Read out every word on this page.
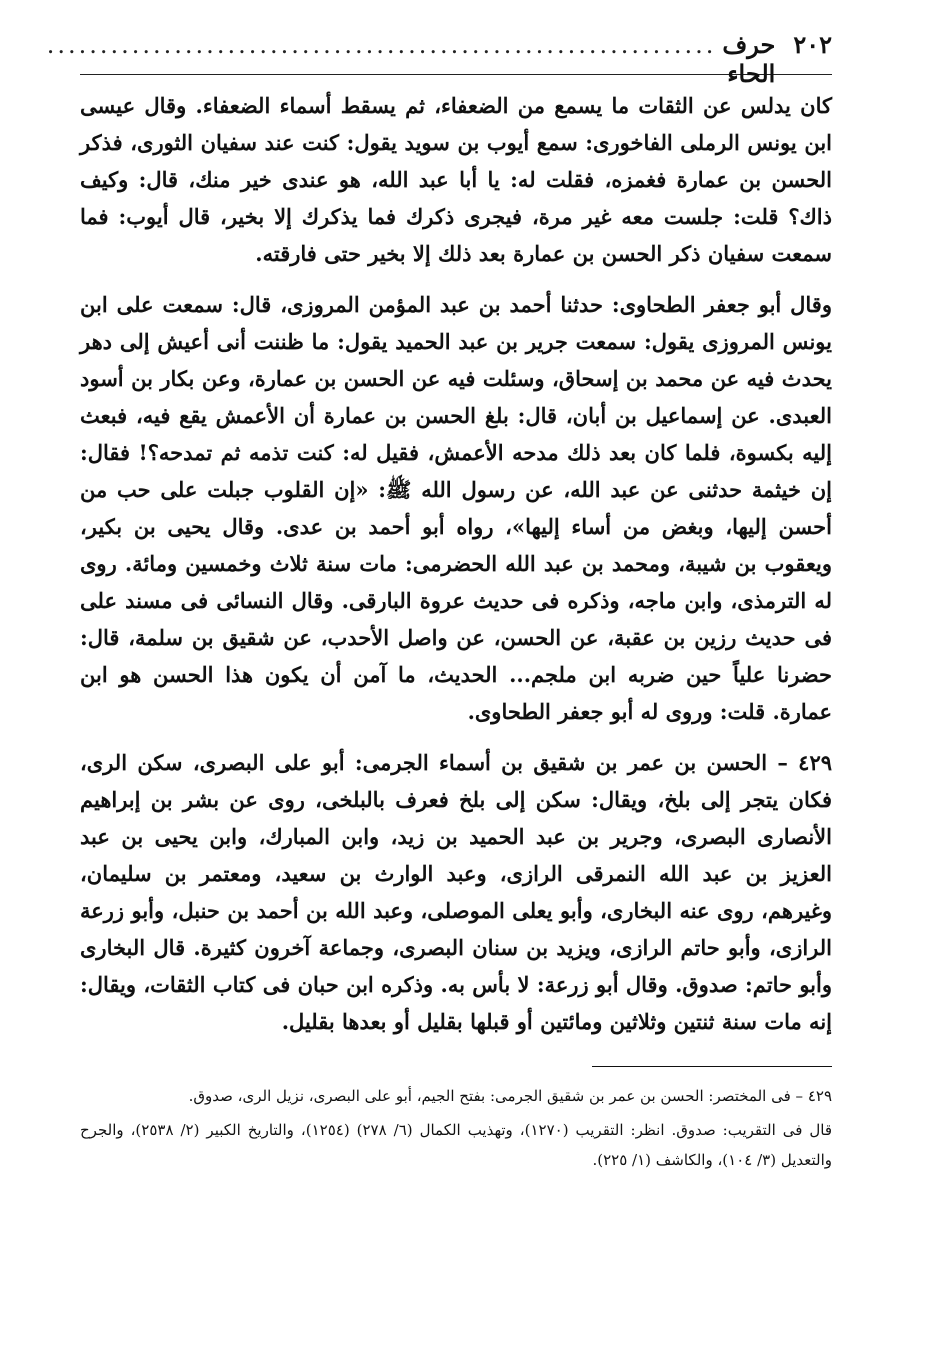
٢٠٢
حرف الحاء
...............................................................

كان يدلس عن الثقات ما يسمع من الضعفاء، ثم يسقط أسماء الضعفاء. وقال عيسى ابن يونس الرملى الفاخورى: سمع أيوب بن سويد يقول: كنت عند سفيان الثورى، فذكر الحسن بن عمارة فغمزه، فقلت له: يا أبا عبد الله، هو عندى خير منك، قال: وكيف ذاك؟ قلت: جلست معه غير مرة، فيجرى ذكرك فما يذكرك إلا بخير، قال أيوب: فما سمعت سفيان ذكر الحسن بن عمارة بعد ذلك إلا بخير حتى فارقته.

وقال أبو جعفر الطحاوى: حدثنا أحمد بن عبد المؤمن المروزى، قال: سمعت على ابن يونس المروزى يقول: سمعت جرير بن عبد الحميد يقول: ما ظننت أنى أعيش إلى دهر يحدث فيه عن محمد بن إسحاق، وسئلت فيه عن الحسن بن عمارة، وعن بكار بن أسود العبدى. عن إسماعيل بن أبان، قال: بلغ الحسن بن عمارة أن الأعمش يقع فيه، فبعث إليه بكسوة، فلما كان بعد ذلك مدحه الأعمش، فقيل له: كنت تذمه ثم تمدحه؟! فقال: إن خيثمة حدثنى عن عبد الله، عن رسول الله ﷺ: «إن القلوب جبلت على حب من أحسن إليها، وبغض من أساء إليها»، رواه أبو أحمد بن عدى. وقال يحيى بن بكير، ويعقوب بن شيبة، ومحمد بن عبد الله الحضرمى: مات سنة ثلاث وخمسين ومائة. روى له الترمذى، وابن ماجه، وذكره فى حديث عروة البارقى. وقال النسائى فى مسند على فى حديث رزين بن عقبة، عن الحسن، عن واصل الأحدب، عن شقيق بن سلمة، قال: حضرنا علياً حين ضربه ابن ملجم... الحديث، ما آمن أن يكون هذا الحسن هو ابن عمارة. قلت: وروى له أبو جعفر الطحاوى.

٤٢٩ – الحسن بن عمر بن شقيق بن أسماء الجرمى: أبو على البصرى، سكن الرى، فكان يتجر إلى بلخ، ويقال: سكن إلى بلخ فعرف بالبلخى، روى عن بشر بن إبراهيم الأنصارى البصرى، وجرير بن عبد الحميد بن زيد، وابن المبارك، وابن يحيى بن عبد العزيز بن عبد الله النمرقى الرازى، وعبد الوارث بن سعيد، ومعتمر بن سليمان، وغيرهم، روى عنه البخارى، وأبو يعلى الموصلى، وعبد الله بن أحمد بن حنبل، وأبو زرعة الرازى، وأبو حاتم الرازى، ويزيد بن سنان البصرى، وجماعة آخرون كثيرة. قال البخارى وأبو حاتم: صدوق. وقال أبو زرعة: لا بأس به. وذكره ابن حبان فى كتاب الثقات، ويقال: إنه مات سنة ثنتين وثلاثين ومائتين أو قبلها بقليل أو بعدها بقليل.

٤٢٩ – فى المختصر: الحسن بن عمر بن شقيق الجرمى: بفتح الجيم، أبو على البصرى، نزيل الرى، صدوق.

قال فى التقريب: صدوق. انظر: التقريب (١٢٧٠)، وتهذيب الكمال (٦/ ٢٧٨) (١٢٥٤)، والتاريخ الكبير (٢/ ٢٥٣٨)، والجرح والتعديل (٣/ ١٠٤)، والكاشف (١/ ٢٢٥).
